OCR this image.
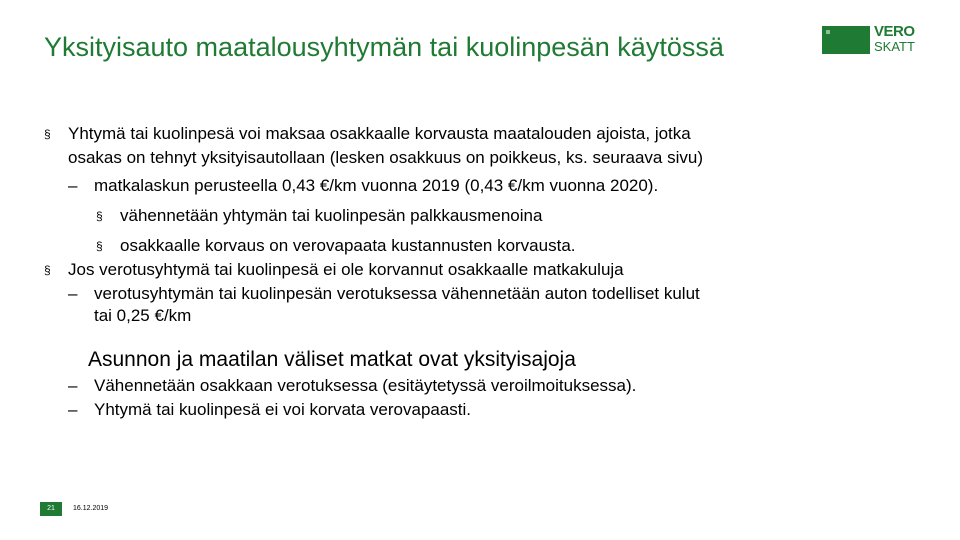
Yksityisauto maatalousyhtymän tai kuolinpesän käytössä
VERO
SKATT
§ Yhtymä tai kuolinpesä voi maksaa osakkaalle korvausta maatalouden ajoista, jotka
osakas on tehnyt yksityisautollaan (lesken osakkuus on poikkeus, ks. seuraava sivu)
– matkalaskun perusteella 0,43 €/km vuonna 2019 (0,43 €/km vuonna 2020).
§ vähennetään yhtymän tai kuolinpesän palkkausmenoina
§ osakkaalle korvaus on verovapaata kustannusten korvausta.
§ Jos verotusyhtymä tai kuolinpesä ei ole korvannut osakkaalle matkakuluja
– verotusyhtymän tai kuolinpesän verotuksessa vähennetään auton todelliset kulut
tai 0,25 €/km
Asunnon ja maatilan väliset matkat ovat yksityisajoja
– Vähennetään osakkaan verotuksessa (esitäytetyssä veroilmoituksessa).
– Yhtymä tai kuolinpesä ei voi korvata verovapaasti.
21	16.12.2019
